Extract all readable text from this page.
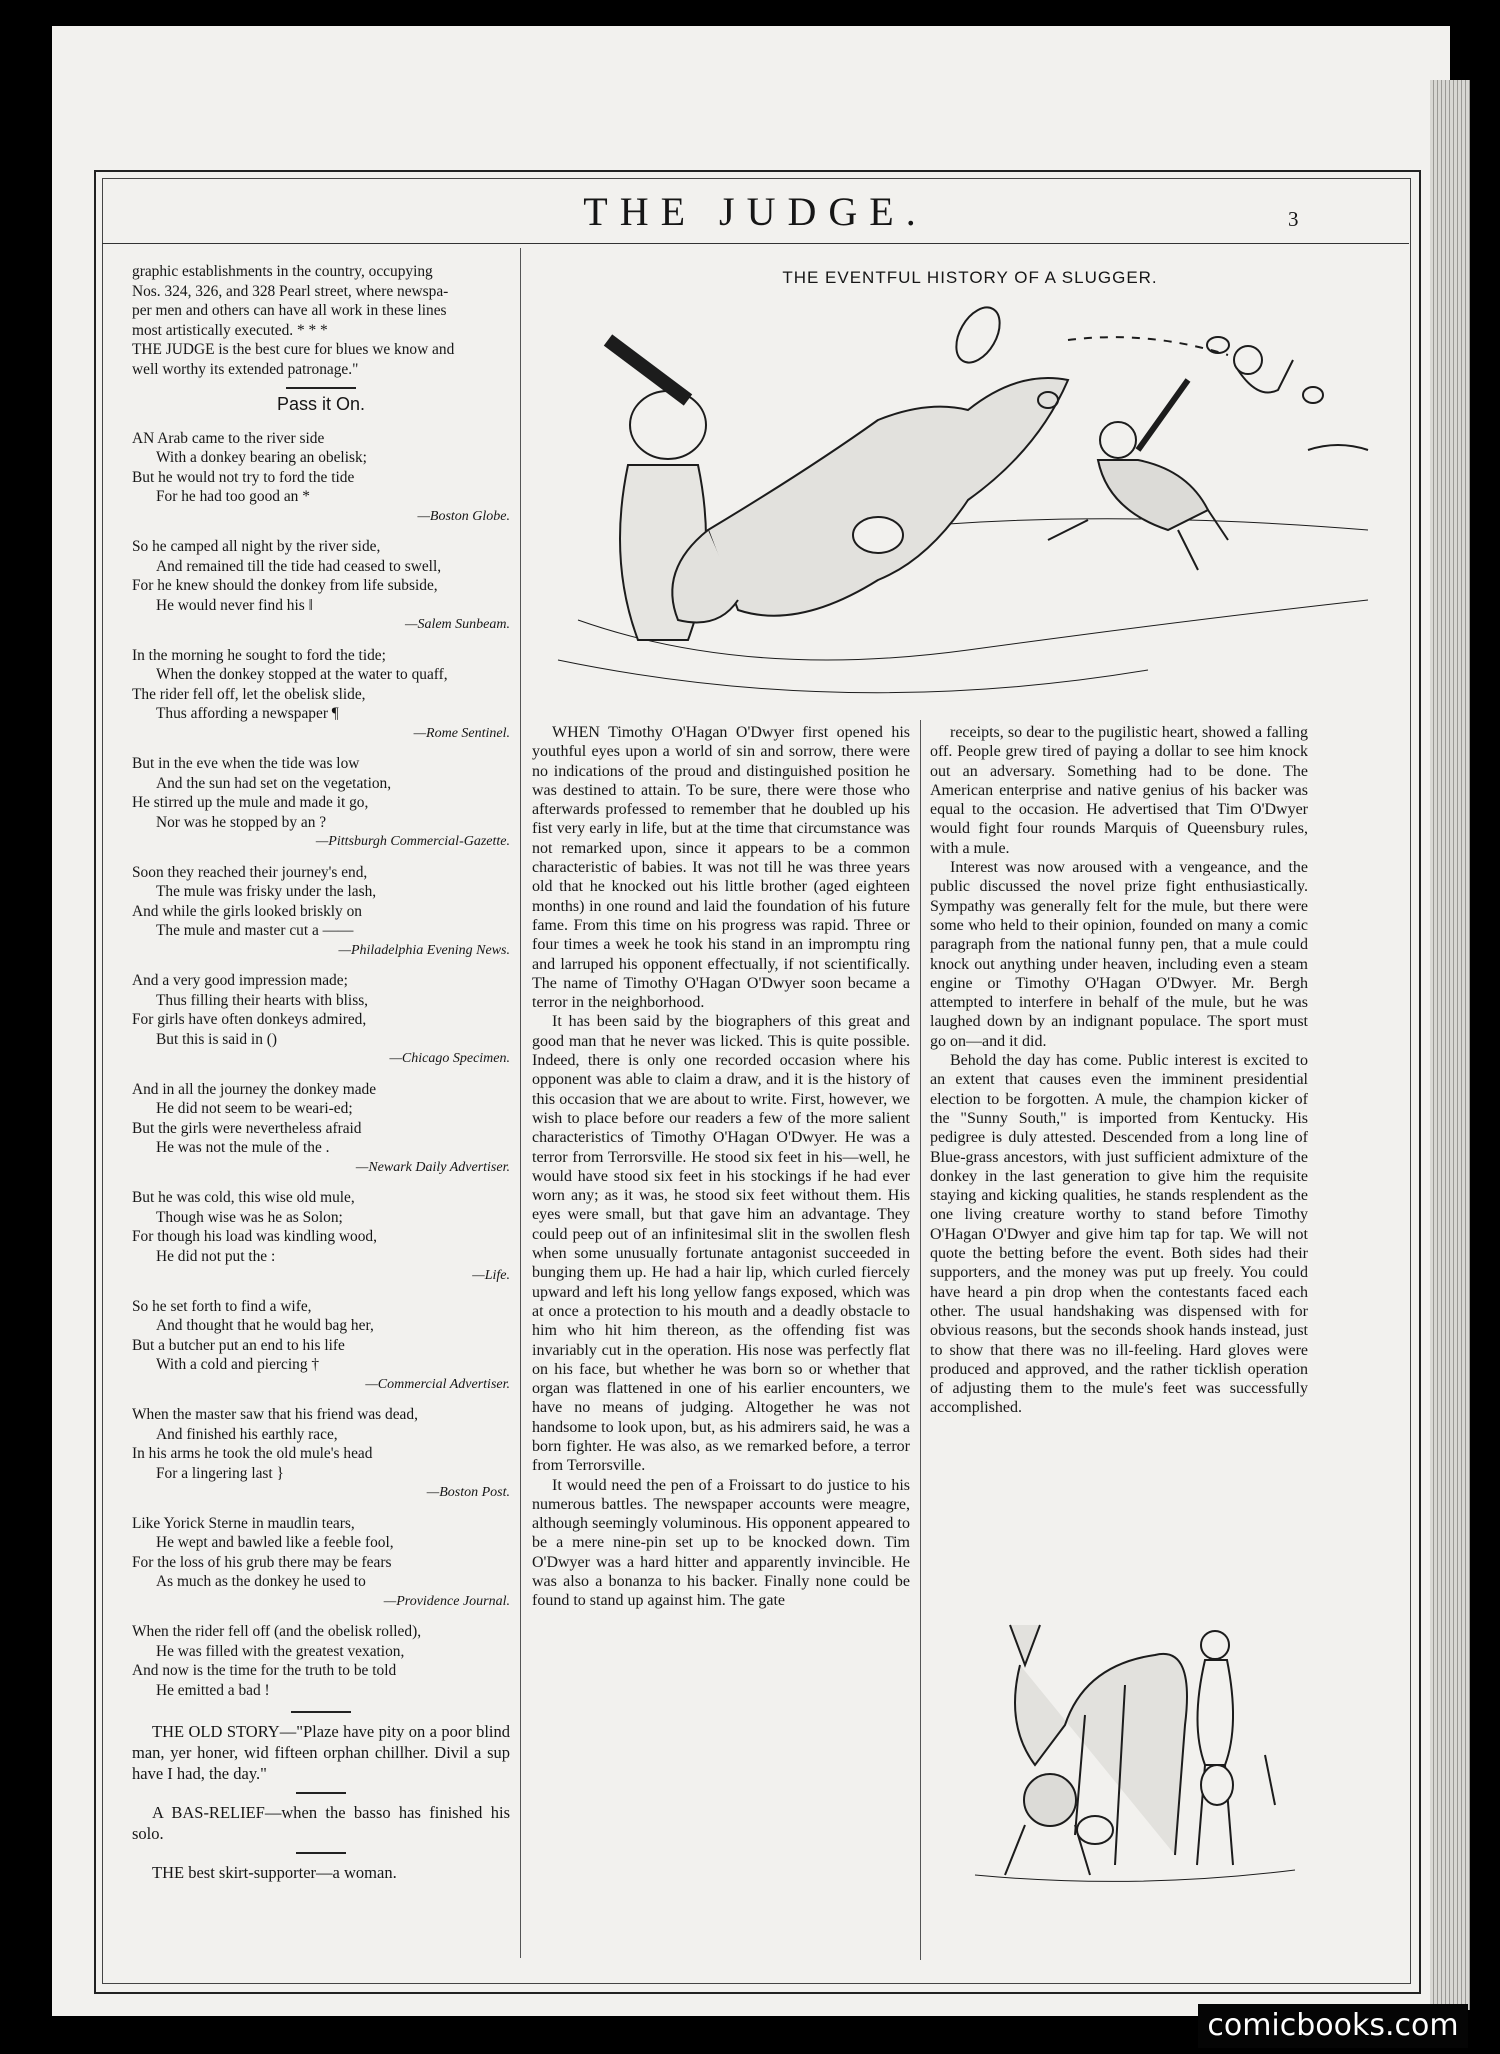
THE JUDGE.	3

graphic establishments in the country, occupying

Nos. 324, 326, and 328 Pearl street, where newspa-

per men and others can have all work in these lines

most artistically executed. * * *

THE JUDGE is the best cure for blues we know and

well worthy its extended patronage."

Pass it On.

AN Arab came to the river side

With a donkey bearing an obelisk;

But he would not try to ford the tide

For he had too good an *

—Boston Globe.

So he camped all night by the river side,

And remained till the tide had ceased to swell,

For he knew should the donkey from life subside,

He would never find his ‖

—Salem Sunbeam.

In the morning he sought to ford the tide;

When the donkey stopped at the water to quaff,

The rider fell off, let the obelisk slide,

Thus affording a newspaper ¶

—Rome Sentinel.

But in the eve when the tide was low

And the sun had set on the vegetation,

He stirred up the mule and made it go,

Nor was he stopped by an ?

—Pittsburgh Commercial-Gazette.

Soon they reached their journey's end,

The mule was frisky under the lash,

And while the girls looked briskly on

The mule and master cut a ——

—Philadelphia Evening News.

And a very good impression made;

Thus filling their hearts with bliss,

For girls have often donkeys admired,

But this is said in ()

—Chicago Specimen.

And in all the journey the donkey made

He did not seem to be weari-ed;

But the girls were nevertheless afraid

He was not the mule of the .

—Newark Daily Advertiser.

But he was cold, this wise old mule,

Though wise was he as Solon;

For though his load was kindling wood,

He did not put the :

—Life.

So he set forth to find a wife,

And thought that he would bag her,

But a butcher put an end to his life

With a cold and piercing †

—Commercial Advertiser.

When the master saw that his friend was dead,

And finished his earthly race,

In his arms he took the old mule's head

For a lingering last }

—Boston Post.

Like Yorick Sterne in maudlin tears,

He wept and bawled like a feeble fool,

For the loss of his grub there may be fears

As much as the donkey he used to

—Providence Journal.

When the rider fell off (and the obelisk rolled),

He was filled with the greatest vexation,

And now is the time for the truth to be told

He emitted a bad !

THE OLD STORY—"Plaze have pity on a poor blind man, yer honer, wid fifteen orphan chillher. Divil a sup have I had, the day."

A BAS-RELIEF—when the basso has finished his solo.

THE best skirt-supporter—a woman.

THE EVENTFUL HISTORY OF A SLUGGER.

WHEN Timothy O'Hagan O'Dwyer first opened his youthful eyes upon a world of sin and sorrow, there were no indications of the proud and distinguished position he was destined to attain. To be sure, there were those who afterwards professed to remember that he doubled up his fist very early in life, but at the time that circumstance was not remarked upon, since it appears to be a common characteristic of babies. It was not till he was three years old that he knocked out his little brother (aged eighteen months) in one round and laid the foundation of his future fame. From this time on his progress was rapid. Three or four times a week he took his stand in an impromptu ring and larruped his opponent effectually, if not scientifically. The name of Timothy O'Hagan O'Dwyer soon became a terror in the neighborhood.

It has been said by the biographers of this great and good man that he never was licked. This is quite possible. Indeed, there is only one recorded occasion where his opponent was able to claim a draw, and it is the history of this occasion that we are about to write. First, however, we wish to place before our readers a few of the more salient characteristics of Timothy O'Hagan O'Dwyer. He was a terror from Terrorsville. He stood six feet in his—well, he would have stood six feet in his stockings if he had ever worn any; as it was, he stood six feet without them. His eyes were small, but that gave him an advantage. They could peep out of an infinitesimal slit in the swollen flesh when some unusually fortunate antagonist succeeded in bunging them up. He had a hair lip, which curled fiercely upward and left his long yellow fangs exposed, which was at once a protection to his mouth and a deadly obstacle to him who hit him thereon, as the offending fist was invariably cut in the operation. His nose was perfectly flat on his face, but whether he was born so or whether that organ was flattened in one of his earlier encounters, we have no means of judging. Altogether he was not handsome to look upon, but, as his admirers said, he was a born fighter. He was also, as we remarked before, a terror from Terrorsville.

It would need the pen of a Froissart to do justice to his numerous battles. The newspaper accounts were meagre, although seemingly voluminous. His opponent appeared to be a mere nine-pin set up to be knocked down. Tim O'Dwyer was a hard hitter and apparently invincible. He was also a bonanza to his backer. Finally none could be found to stand up against him. The gate

receipts, so dear to the pugilistic heart, showed a falling off. People grew tired of paying a dollar to see him knock out an adversary. Something had to be done. The American enterprise and native genius of his backer was equal to the occasion. He advertised that Tim O'Dwyer would fight four rounds Marquis of Queensbury rules, with a mule.

Interest was now aroused with a vengeance, and the public discussed the novel prize fight enthusiastically. Sympathy was generally felt for the mule, but there were some who held to their opinion, founded on many a comic paragraph from the national funny pen, that a mule could knock out anything under heaven, including even a steam engine or Timothy O'Hagan O'Dwyer. Mr. Bergh attempted to interfere in behalf of the mule, but he was laughed down by an indignant populace. The sport must go on—and it did.

Behold the day has come. Public interest is excited to an extent that causes even the imminent presidential election to be forgotten. A mule, the champion kicker of the "Sunny South," is imported from Kentucky. His pedigree is duly attested. Descended from a long line of Blue-grass ancestors, with just sufficient admixture of the donkey in the last generation to give him the requisite staying and kicking qualities, he stands resplendent as the one living creature worthy to stand before Timothy O'Hagan O'Dwyer and give him tap for tap. We will not quote the betting before the event. Both sides had their supporters, and the money was put up freely. You could have heard a pin drop when the contestants faced each other. The usual handshaking was dispensed with for obvious reasons, but the seconds shook hands instead, just to show that there was no ill-feeling. Hard gloves were produced and approved, and the rather ticklish operation of adjusting them to the mule's feet was successfully accomplished.

comicbooks.com
